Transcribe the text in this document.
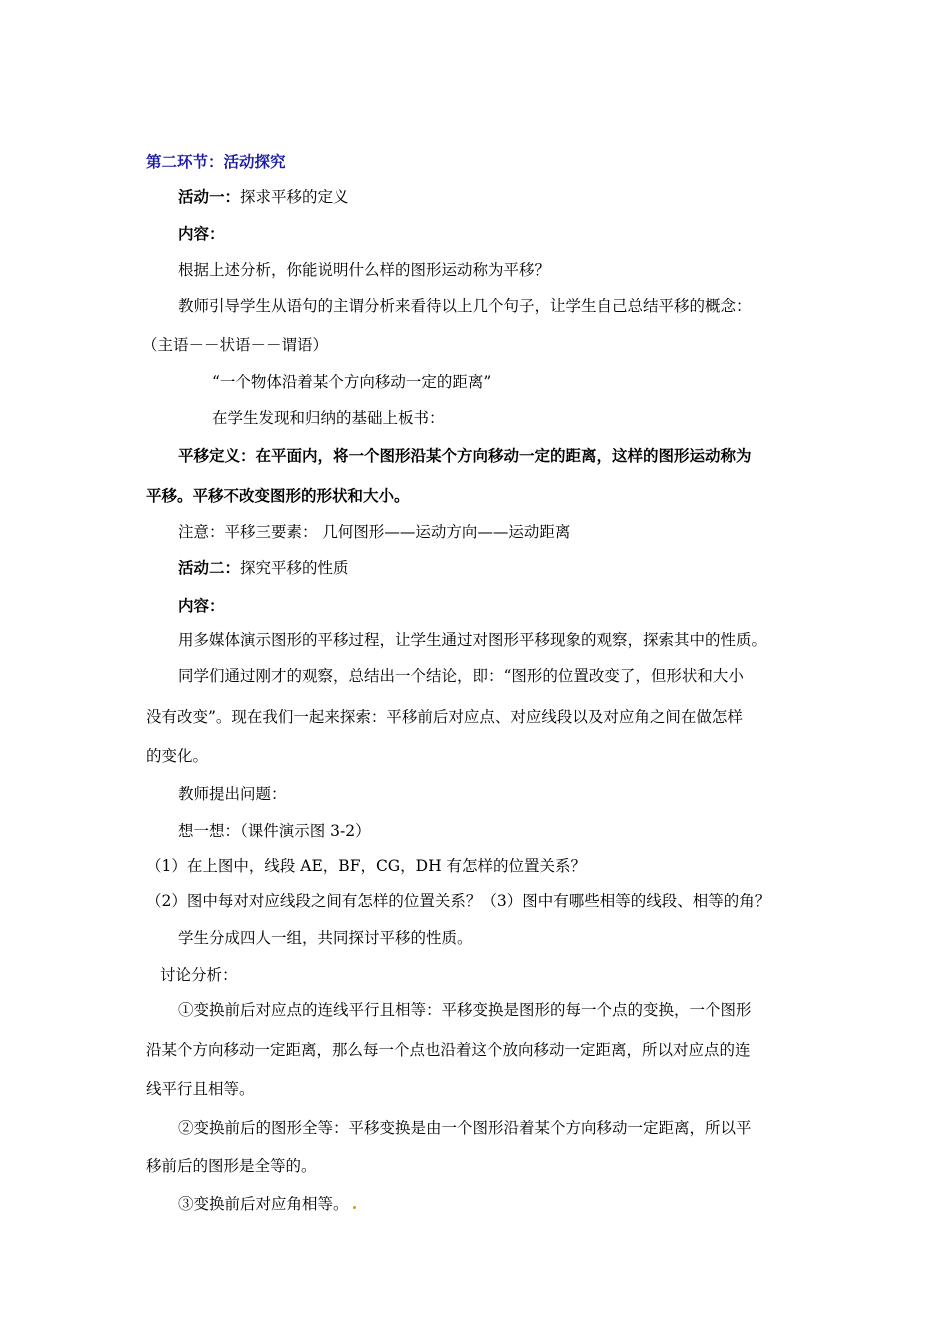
第二环节：活动探究
活动一：探求平移的定义
内容：
根据上述分析，你能说明什么样的图形运动称为平移？
教师引导学生从语句的主谓分析来看待以上几个句子，让学生自己总结平移的概念：
（主语－－状语－－谓语）
“一个物体沿着某个方向移动一定的距离”
在学生发现和归纳的基础上板书：
平移定义：在平面内，将一个图形沿某个方向移动一定的距离，这样的图形运动称为
平移。平移不改变图形的形状和大小。
注意：平移三要素： 几何图形——运动方向——运动距离
活动二：探究平移的性质
内容：
用多媒体演示图形的平移过程，让学生通过对图形平移现象的观察，探索其中的性质。
同学们通过刚才的观察，总结出一个结论，即：“图形的位置改变了，但形状和大小
没有改变”。现在我们一起来探索：平移前后对应点、对应线段以及对应角之间在做怎样
的变化。
教师提出问题：
想一想：（课件演示图 3-2）
（1）在上图中，线段 AE，BF，CG，DH 有怎样的位置关系？
（2）图中每对对应线段之间有怎样的位置关系？（3）图中有哪些相等的线段、相等的角？
学生分成四人一组，共同探讨平移的性质。
讨论分析：
①变换前后对应点的连线平行且相等：平移变换是图形的每一个点的变换，一个图形
沿某个方向移动一定距离，那么每一个点也沿着这个放向移动一定距离，所以对应点的连
线平行且相等。
②变换前后的图形全等：平移变换是由一个图形沿着某个方向移动一定距离，所以平
移前后的图形是全等的。
③变换前后对应角相等。
